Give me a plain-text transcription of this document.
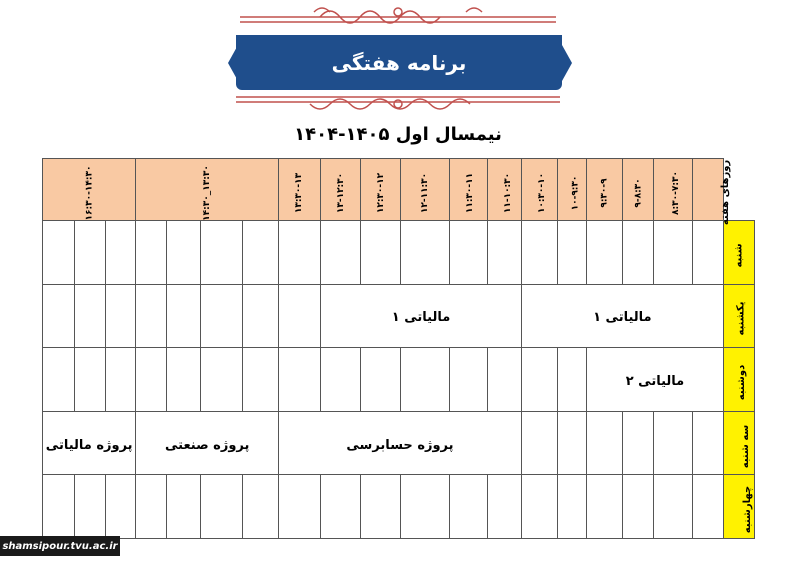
برنامه هفتگی
نیمسال اول ۱۴۰۵-۱۴۰۴
۱۶:۳۰-۱۴:۳۰			۱۴:۳۰_۱۳:۳۰				۱۳:۳۰-۱۳	۱۳-۱۲:۳۰	۱۲:۳۰-۱۲	۱۲-۱۱:۳۰	۱۱:۳۰-۱۱	۱۱-۱۰:۳۰	۱۰:۳۰-۱۰	۱۰-۹:۳۰	۹:۳۰-۹	۹-۸:۳۰	۸:۳۰-۷:۳۰	روزهای هفته	
																			شنبه
								مالیاتی ۱					مالیاتی ۱						یکشنبه
															مالیاتی ۲				دوشنبه
پروژه مالیاتی			پروژه صنعتی				پروژه حسابرسی												سه شنبه
																			چهارشنبه
shamsipour.tvu.ac.ir
